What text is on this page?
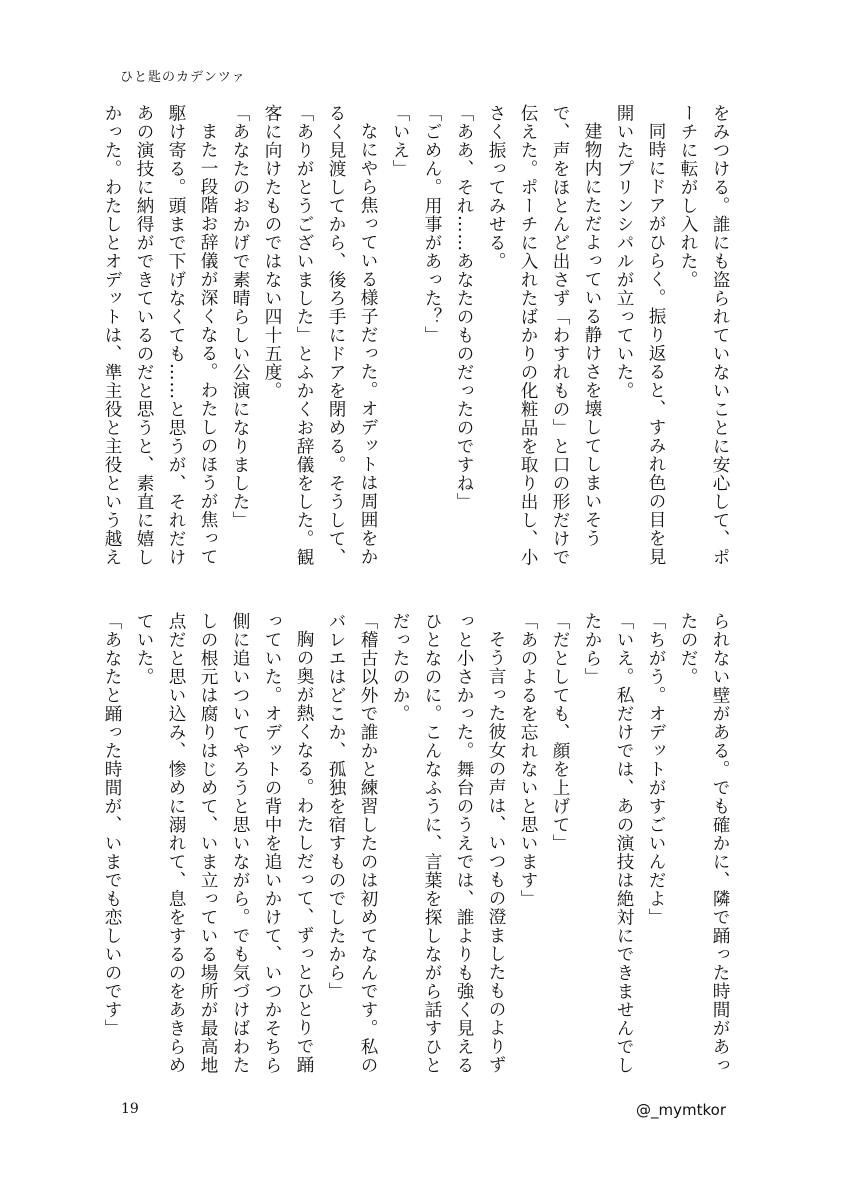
ひと匙のカデンツァ

をみつける。誰にも盗られていないことに安心して、ポーチに転がし入れた。

同時にドアがひらく。振り返ると、すみれ色の目を見開いたプリンシパルが立っていた。

建物内にただよっている静けさを壊してしまいそうで、声をほとんど出さず「わすれもの」と口の形だけで伝えた。ポーチに入れたばかりの化粧品を取り出し、小さく振ってみせる。

「ああ、それ……あなたのものだったのですね」

「ごめん。用事があった？」

「いえ」

なにやら焦っている様子だった。オデットは周囲をかるく見渡してから、後ろ手にドアを閉める。そうして、

「ありがとうございました」とふかくお辞儀をした。観客に向けたものではない四十五度。

「あなたのおかげで素晴らしい公演になりました」

また一段階お辞儀が深くなる。わたしのほうが焦って駆け寄る。頭まで下げなくても……と思うが、それだけあの演技に納得ができているのだと思うと、素直に嬉しかった。わたしとオデットは、準主役と主役という越え

られない壁がある。でも確かに、隣で踊った時間があったのだ。

「ちがう。オデットがすごいんだよ」

「いえ。私だけでは、あの演技は絶対にできませんでしたから」

「だとしても、顔を上げて」

「あのよるを忘れないと思います」

そう言った彼女の声は、いつもの澄ましたものよりずっと小さかった。舞台のうえでは、誰よりも強く見えるひとなのに。こんなふうに、言葉を探しながら話すひとだったのか。

「稽古以外で誰かと練習したのは初めてなんです。私のバレエはどこか、孤独を宿すものでしたから」

胸の奥が熱くなる。わたしだって、ずっとひとりで踊っていた。オデットの背中を追いかけて、いつかそちら側に追いついてやろうと思いながら。でも気づけばわたしの根元は腐りはじめて、いま立っている場所が最高地点だと思い込み、惨めに溺れて、息をするのをあきらめていた。

「あなたと踊った時間が、いまでも恋しいのです」

19	@_mymtkor
